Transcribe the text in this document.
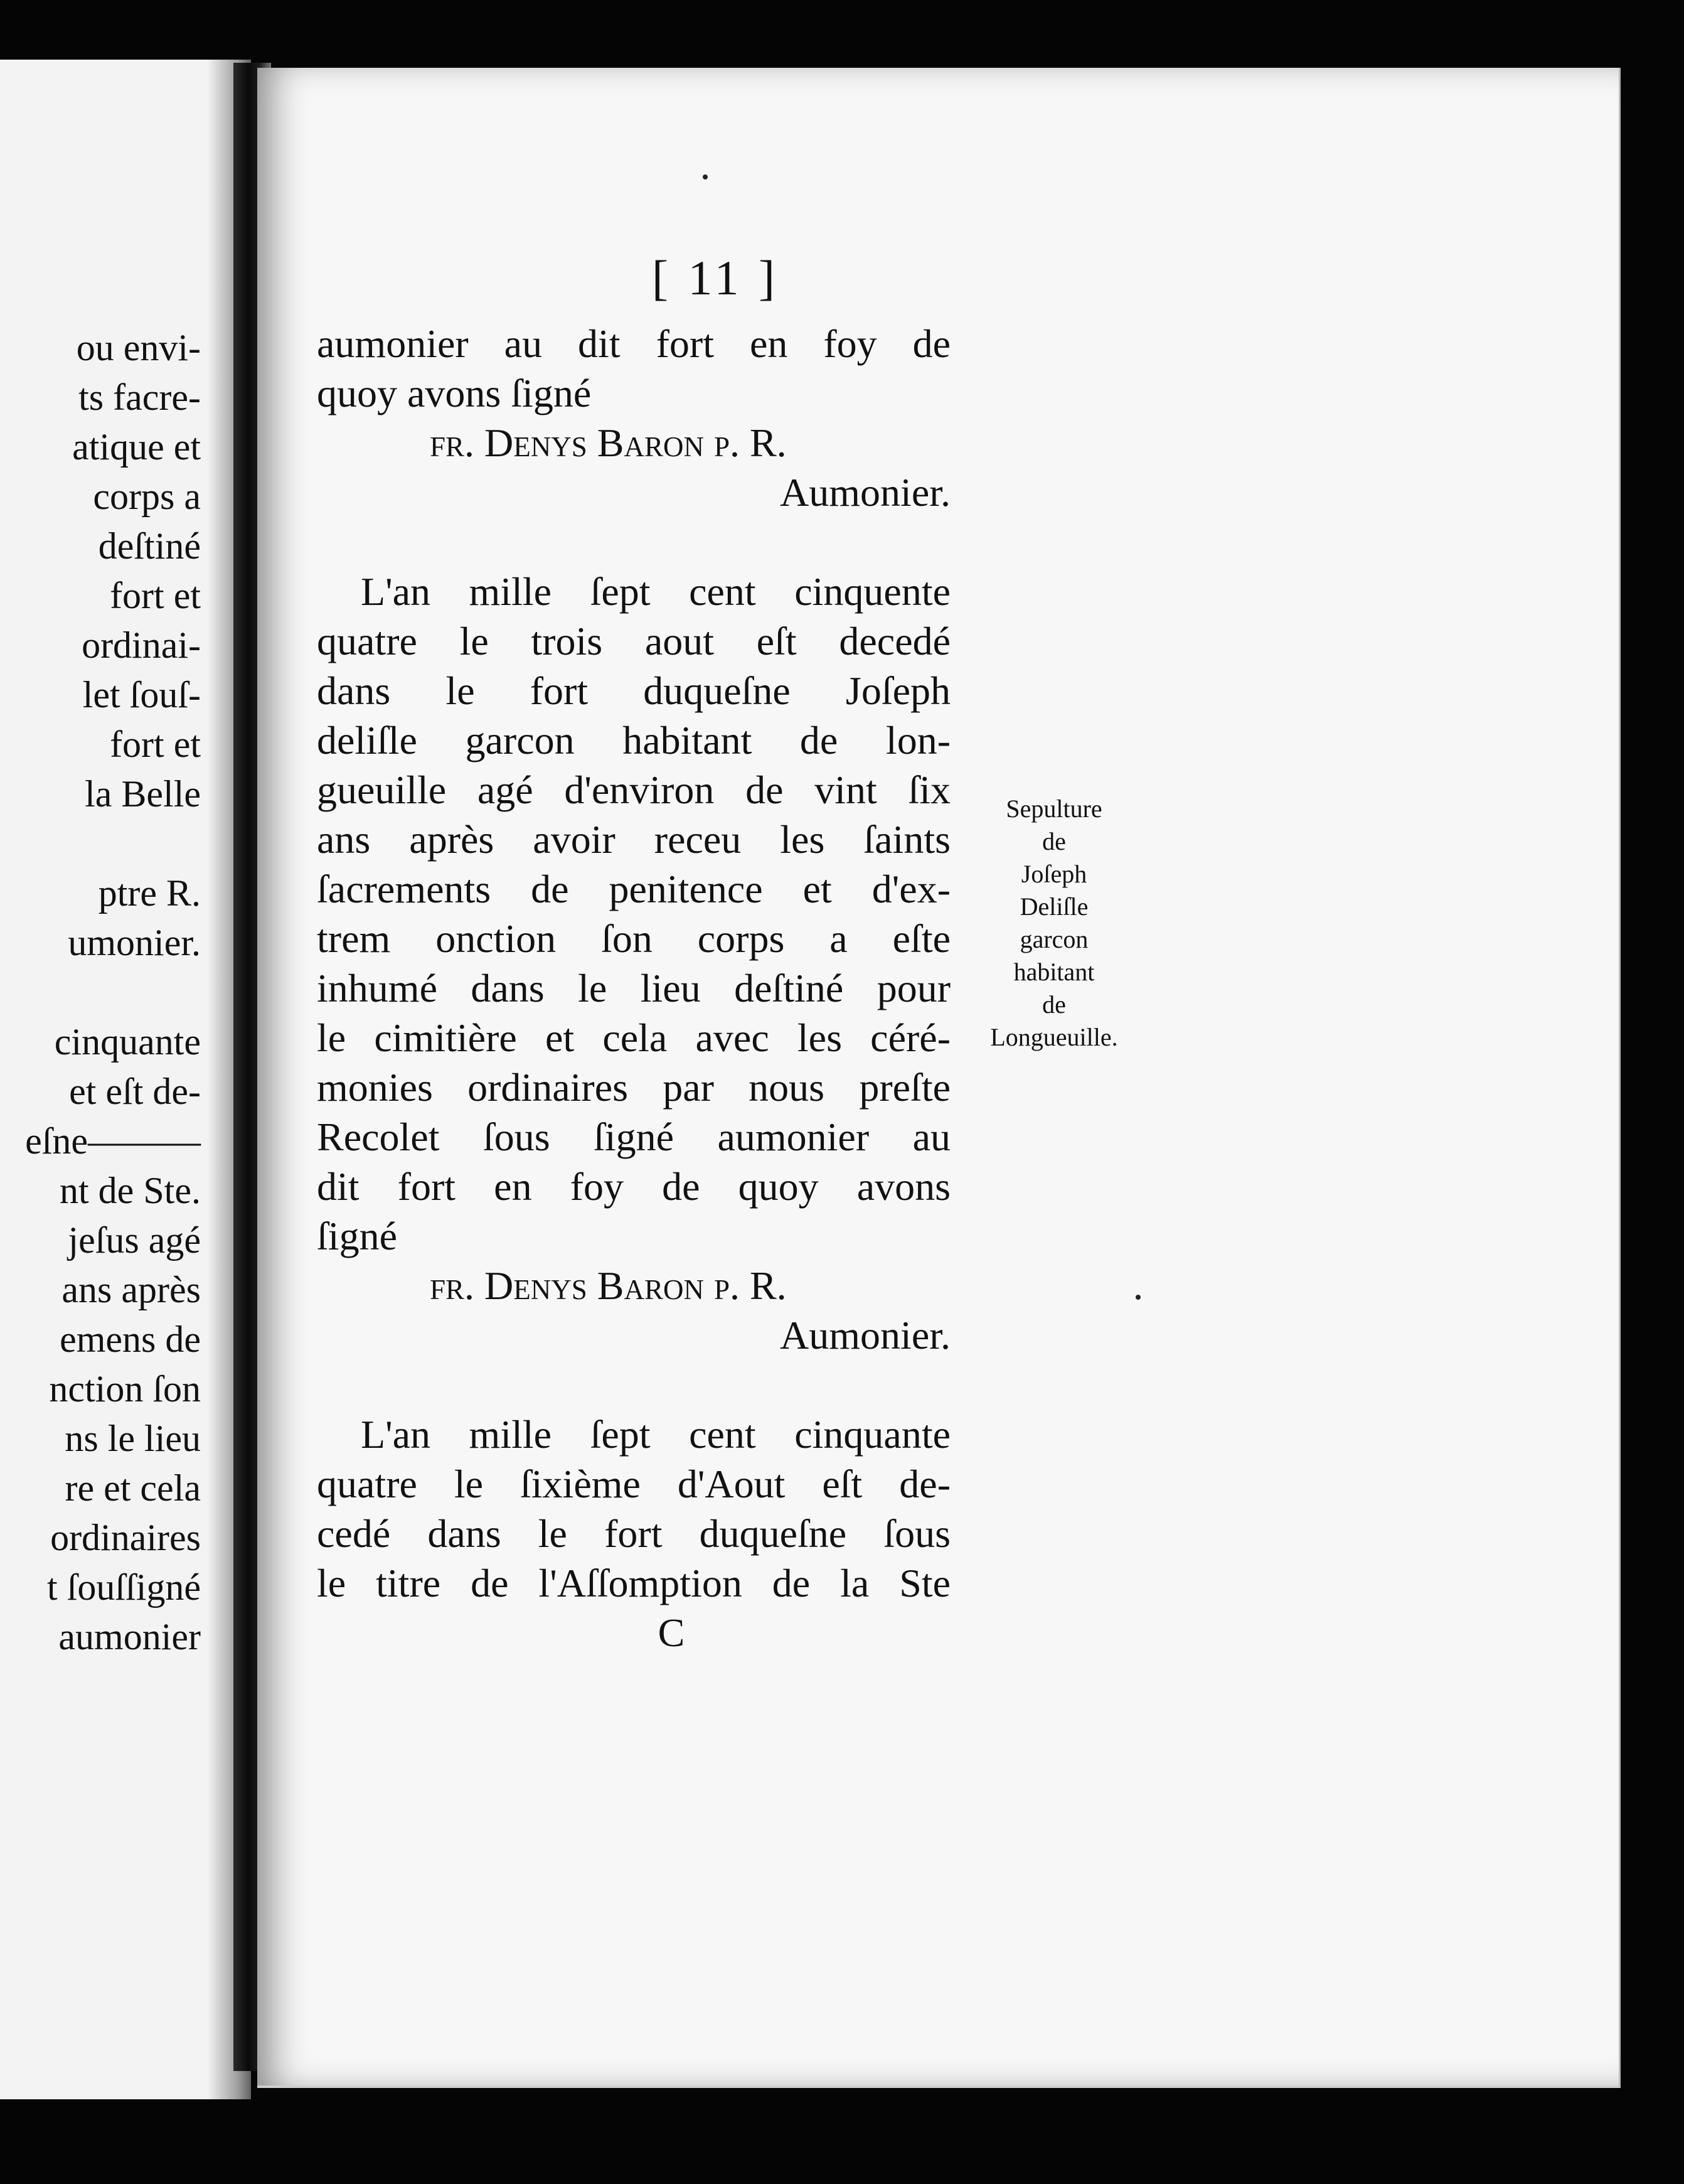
ou envi-
ts facre-
atique et
corps a
deſtiné
fort et
ordinai-
let ſouſ-
fort et
la Belle
ptre R.
umonier.
cinquante
et eſt de-
eſne———
nt de Ste.
jeſus agé
ans après
emens de
nction ſon
ns le lieu
re et cela
ordinaires
t ſouſſigné
aumonier
[ 11 ]
aumonier au dit fort en foy de
quoy avons ſigné
fr. Denys Baron p. R.
Aumonier.
L'an mille ſept cent cinquente
quatre le trois aout eſt decedé
dans le fort duqueſne Joſeph
deliſle garcon habitant de lon-
gueuille agé d'environ de vint ſix
ans après avoir receu les ſaints
ſacrements de penitence et d'ex-
trem onction ſon corps a eſte
inhumé dans le lieu deſtiné pour
le cimitière et cela avec les céré-
monies ordinaires par nous preſte
Recolet ſous ſigné aumonier au
dit fort en foy de quoy avons
ſigné
fr. Denys Baron p. R.
Aumonier.
L'an mille ſept cent cinquante
quatre le ſixième d'Aout eſt de-
cedé dans le fort duqueſne ſous
le titre de l'Aſſomption de la Ste
C
Sepulture
de
Joſeph
Deliſle
garcon
habitant
de
Longueuille.
